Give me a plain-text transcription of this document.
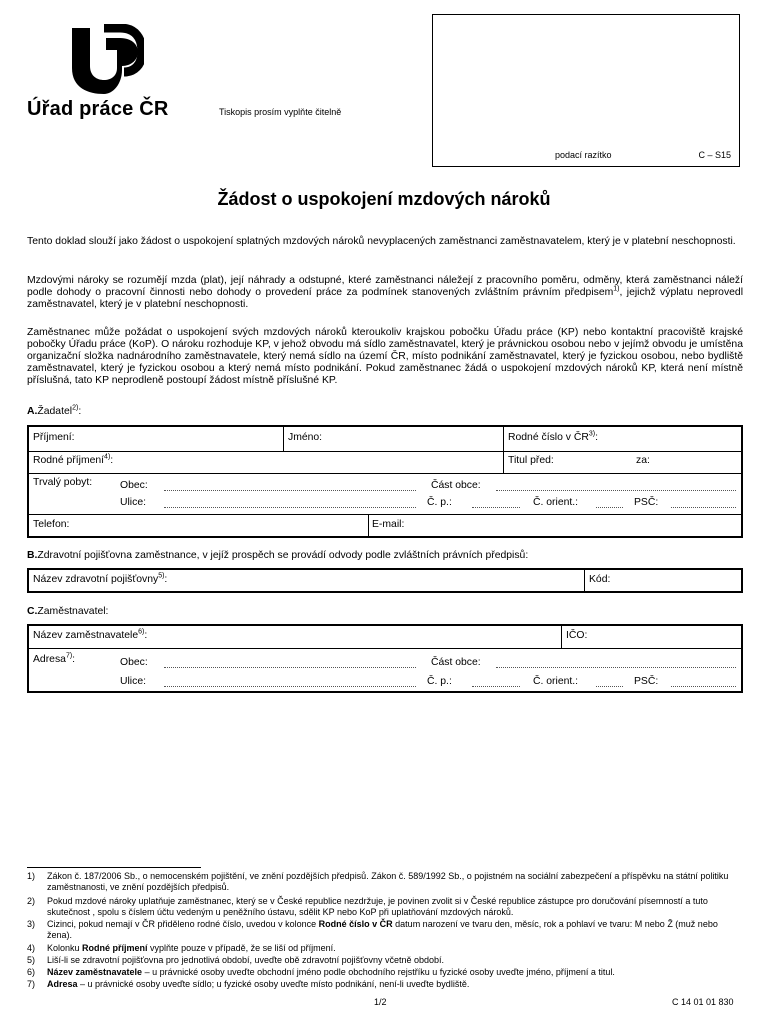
Úřad práce ČR	Tiskopis prosím vyplňte čitelně
podací razítko	C – S15
Žádost o uspokojení mzdových nároků
Tento doklad slouží jako žádost o uspokojení splatných mzdových nároků nevyplacených zaměstnanci zaměstnavatelem, který je v platební neschopnosti.
Mzdovými nároky se rozumějí mzda (plat), její náhrady a odstupné, které zaměstnanci náležejí z pracovního poměru, odměny, která zaměstnanci náleží podle dohody o pracovní činnosti nebo dohody o provedení práce za podmínek stanovených zvláštním právním předpisem$^{1)}$, jejichž výplatu neprovedl zaměstnavatel, který je v platební neschopnosti.
Zaměstnanec může požádat o uspokojení svých mzdových nároků kteroukoliv krajskou pobočku Úřadu práce (KP) nebo kontaktní pracoviště krajské pobočky Úřadu práce (KoP). O nároku rozhoduje KP, v jehož obvodu má sídlo zaměstnavatel, který je právnickou osobou nebo v jejímž obvodu je umístěna organizační složka nadnárodního zaměstnavatele, který nemá sídlo na území ČR, místo podnikání zaměstnavatel, který je fyzickou osobou, nebo bydliště zaměstnavatel, který je fyzickou osobou a který nemá místo podnikání. Pokud zaměstnanec žádá o uspokojení mzdových nároků KP, která není místně příslušná, tato KP neprodleně postoupí žádost místně příslušné KP.
A.Žadatel$^{2)}$:
Příjmení:	Jméno:	Rodné číslo v ČR$^{3)}$:
Rodné příjmení$^{4)}$:	Titul před:	za:
Trvalý pobyt:	Obec:	Část obce:
Ulice:	Č. p.:	Č. orient.:	PSČ:
Telefon:	E-mail:
B.Zdravotní pojišťovna zaměstnance, v jejíž prospěch se provádí odvody podle zvláštních právních předpisů:
Název zdravotní pojišťovny$^{5)}$:	Kód:
C.Zaměstnavatel:
Název zaměstnavatele$^{6)}$:	IČO:
Adresa$^{7)}$:	Obec:	Část obce:
Ulice:	Č. p.:	Č. orient.:	PSČ:
1) Zákon č. 187/2006 Sb., o nemocenském pojištění, ve znění pozdějších předpisů. Zákon č. 589/1992 Sb., o pojistném na sociální zabezpečení a příspěvku na státní politiku zaměstnanosti, ve znění pozdějších předpisů.
2) Pokud mzdové nároky uplatňuje zaměstnanec, který se v České republice nezdržuje, je povinen zvolit si v České republice zástupce pro doručování písemností a tuto skutečnost , spolu s číslem účtu vedeným u peněžního ústavu, sdělit KP nebo KoP při uplatňování mzdových nároků.
3) Cizinci, pokud nemají v ČR přiděleno rodné číslo, uvedou v kolonce Rodné číslo v ČR datum narození ve tvaru den, měsíc, rok a pohlaví ve tvaru: M nebo Ž (muž nebo žena).
4) Kolonku Rodné příjmení vyplňte pouze v případě, že se liší od příjmení.
5) Liší-li se zdravotní pojišťovna pro jednotlivá období, uveďte obě zdravotní pojišťovny včetně období.
6) Název zaměstnavatele – u právnické osoby uveďte obchodní jméno podle obchodního rejstříku u fyzické osoby uveďte jméno, příjmení a titul.
7) Adresa – u právnické osoby uveďte sídlo; u fyzické osoby uveďte místo podnikání, není-li uveďte bydliště.
1/2	C 14 01 01 830
